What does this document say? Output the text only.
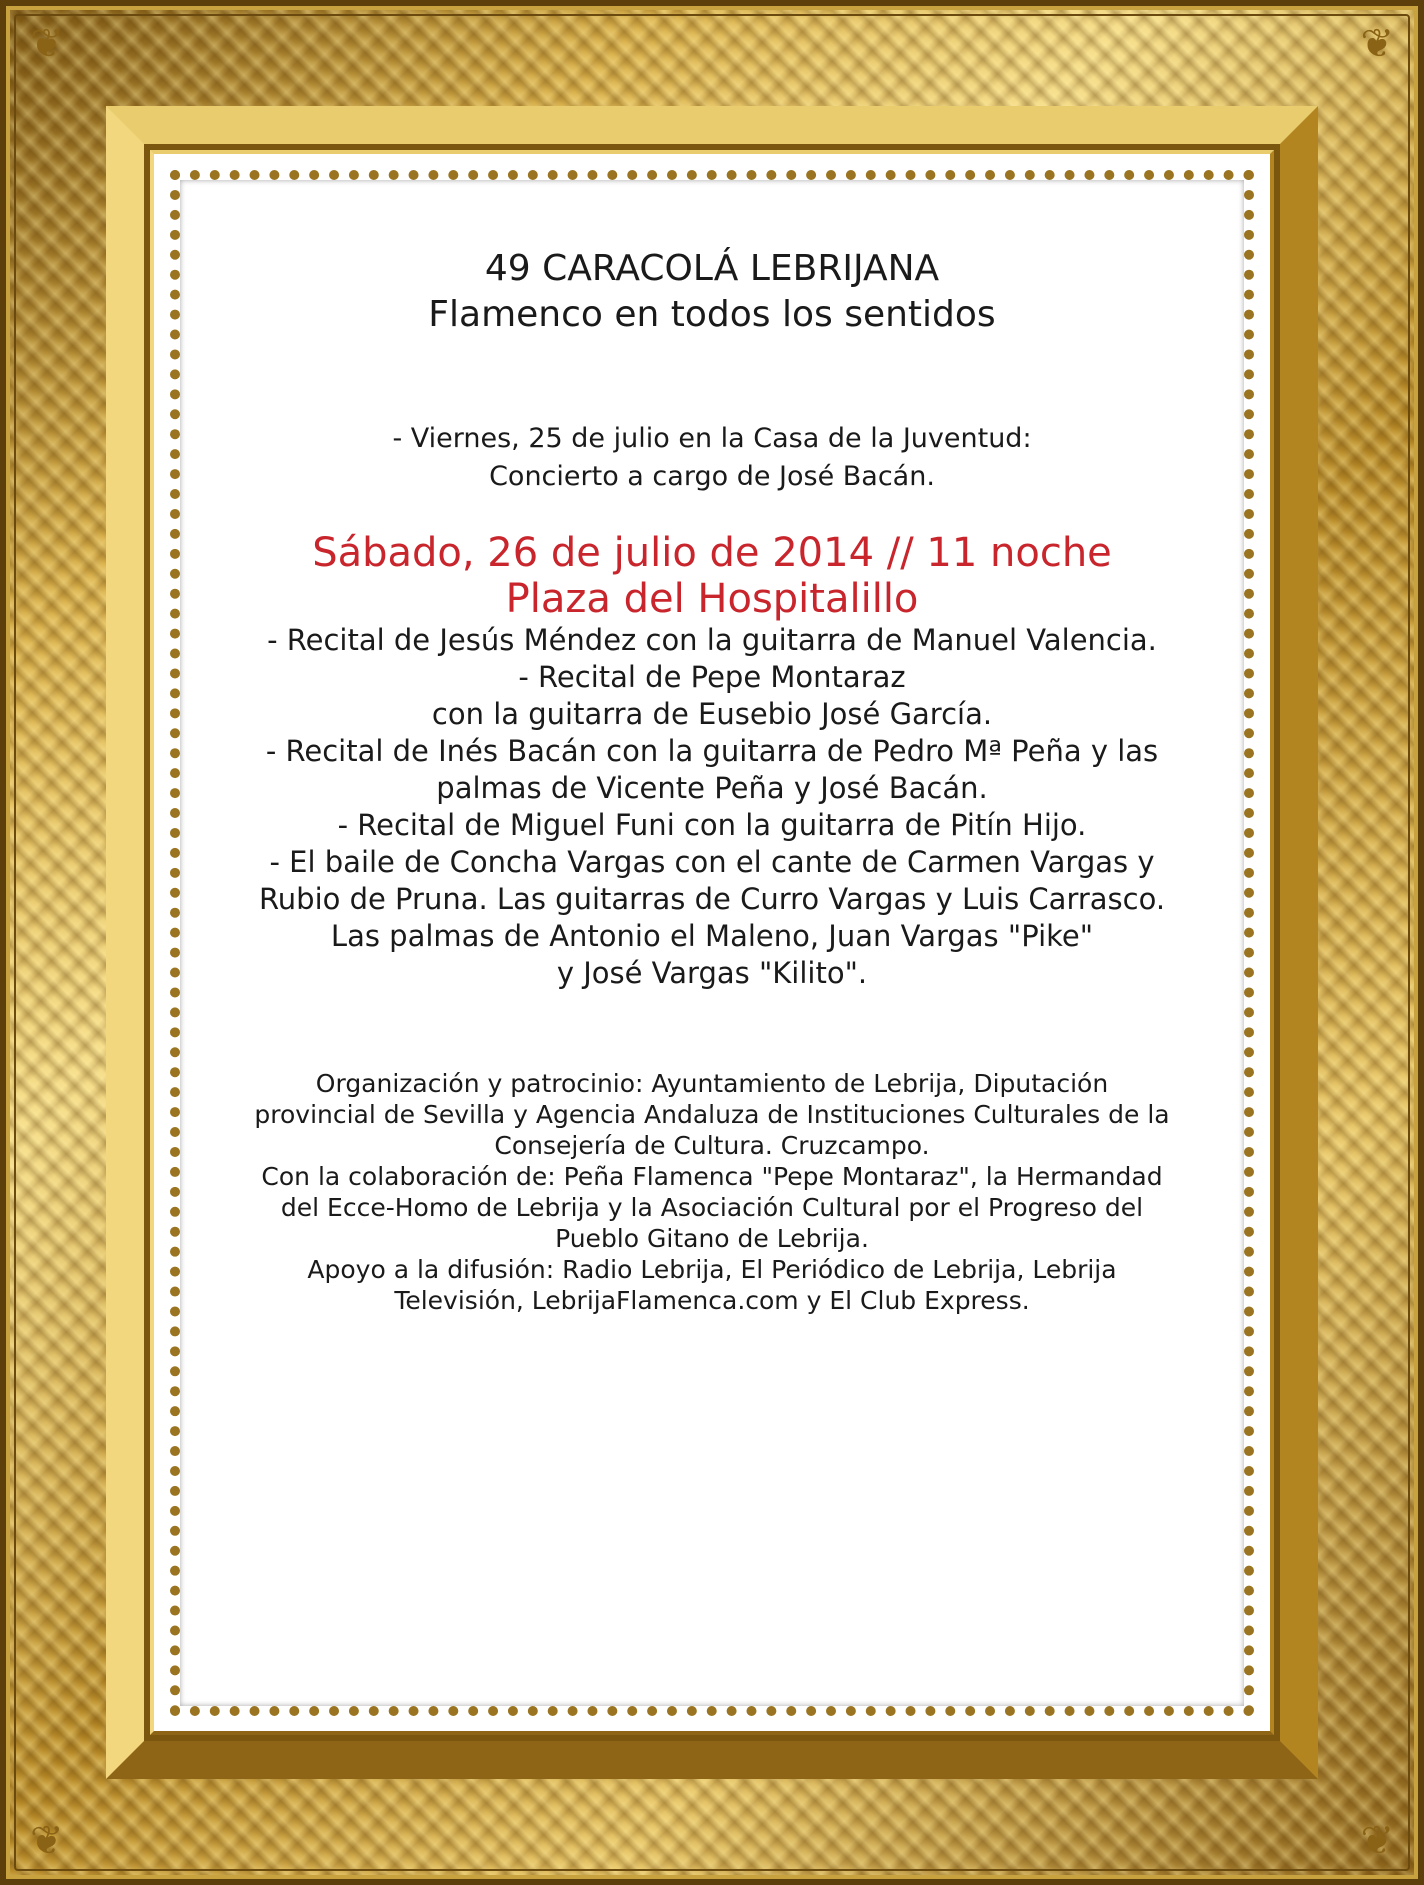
❦	❦
❦	❦
49 CARACOLÁ LEBRIJANA
Flamenco en todos los sentidos
- Viernes, 25 de julio en la Casa de la Juventud:
Concierto a cargo de José Bacán.
Sábado, 26 de julio de 2014 // 11 noche
Plaza del Hospitalillo
- Recital de Jesús Méndez con la guitarra de Manuel Valencia.
- Recital de Pepe Montaraz
con la guitarra de Eusebio José García.
- Recital de Inés Bacán con la guitarra de Pedro Mª Peña y las
palmas de Vicente Peña y José Bacán.
- Recital de Miguel Funi con la guitarra de Pitín Hijo.
- El baile de Concha Vargas con el cante de Carmen Vargas y
Rubio de Pruna. Las guitarras de Curro Vargas y Luis Carrasco.
Las palmas de Antonio el Maleno, Juan Vargas "Pike"
y José Vargas "Kilito".
Organización y patrocinio: Ayuntamiento de Lebrija, Diputación
provincial de Sevilla y Agencia Andaluza de Instituciones Culturales de la
Consejería de Cultura. Cruzcampo.
Con la colaboración de: Peña Flamenca "Pepe Montaraz", la Hermandad
del Ecce-Homo de Lebrija y la Asociación Cultural por el Progreso del
Pueblo Gitano de Lebrija.
Apoyo a la difusión: Radio Lebrija, El Periódico de Lebrija, Lebrija
Televisión, LebrijaFlamenca.com y El Club Express.
